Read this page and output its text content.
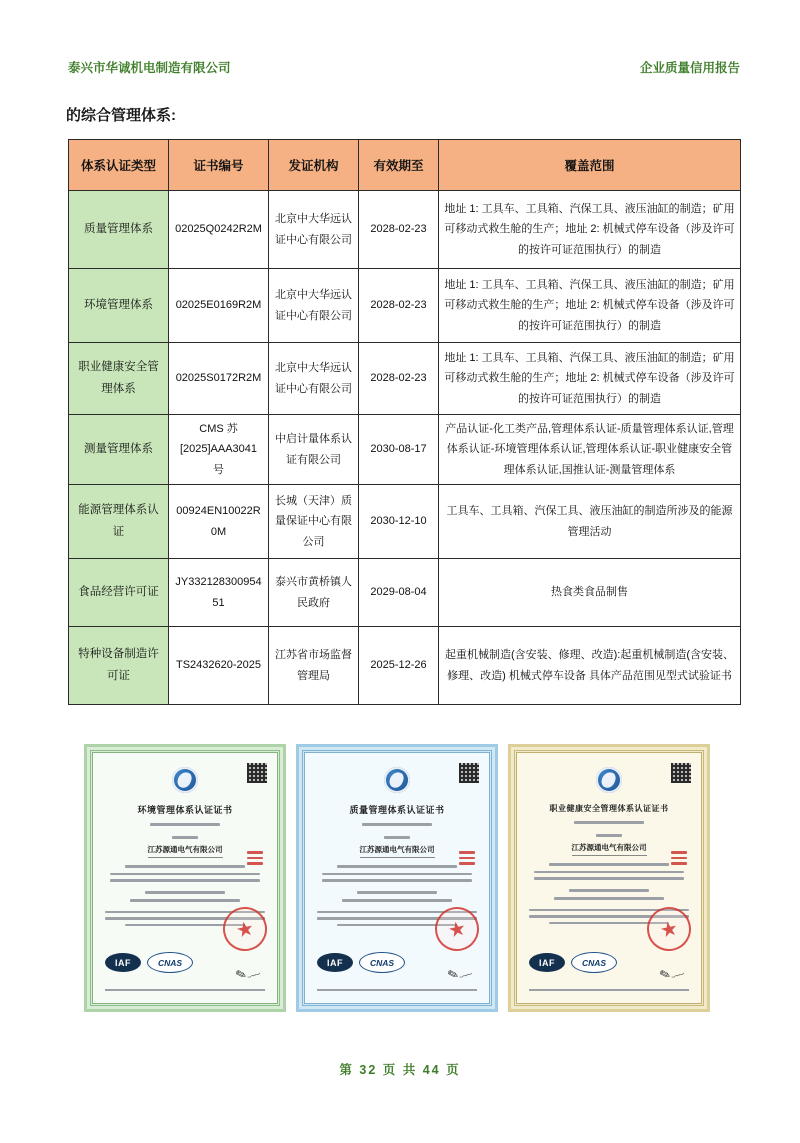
泰兴市华诚机电制造有限公司	企业质量信用报告
的综合管理体系:
体系认证类型	证书编号	发证机构	有效期至	覆盖范围
质量管理体系	02025Q0242R2M	北京中大华远认证中心有限公司	2028-02-23	地址 1: 工具车、工具箱、汽保工具、液压油缸的制造；矿用可移动式救生舱的生产；地址 2: 机械式停车设备（涉及许可的按许可证范围执行）的制造
环境管理体系	02025E0169R2M	北京中大华远认证中心有限公司	2028-02-23	地址 1: 工具车、工具箱、汽保工具、液压油缸的制造；矿用可移动式救生舱的生产；地址 2: 机械式停车设备（涉及许可的按许可证范围执行）的制造
职业健康安全管理体系	02025S0172R2M	北京中大华远认证中心有限公司	2028-02-23	地址 1: 工具车、工具箱、汽保工具、液压油缸的制造；矿用可移动式救生舱的生产；地址 2: 机械式停车设备（涉及许可的按许可证范围执行）的制造
测量管理体系	CMS 苏 [2025]AAA3041 号	中启计量体系认证有限公司	2030-08-17	产品认证-化工类产品,管理体系认证-质量管理体系认证,管理体系认证-环境管理体系认证,管理体系认证-职业健康安全管理体系认证,国推认证-测量管理体系
能源管理体系认证	00924EN10022R0M	长城（天津）质量保证中心有限公司	2030-12-10	工具车、工具箱、汽保工具、液压油缸的制造所涉及的能源管理活动
食品经营许可证	JY33212830095451	泰兴市黄桥镇人民政府	2029-08-04	热食类食品制售
特种设备制造许可证	TS2432620-2025	江苏省市场监督管理局	2025-12-26	起重机械制造(含安装、修理、改造):起重机械制造(含安装、修理、改造) 机械式停车设备 具体产品范围见型式试验证书
环境管理体系认证证书
江苏源通电气有限公司
IAF	CNAS
★
✎﹏
质量管理体系认证证书
江苏源通电气有限公司
IAF	CNAS
★
✎﹏
职业健康安全管理体系认证证书
江苏源通电气有限公司
IAF	CNAS
★
✎﹏
第 32 页 共 44 页
